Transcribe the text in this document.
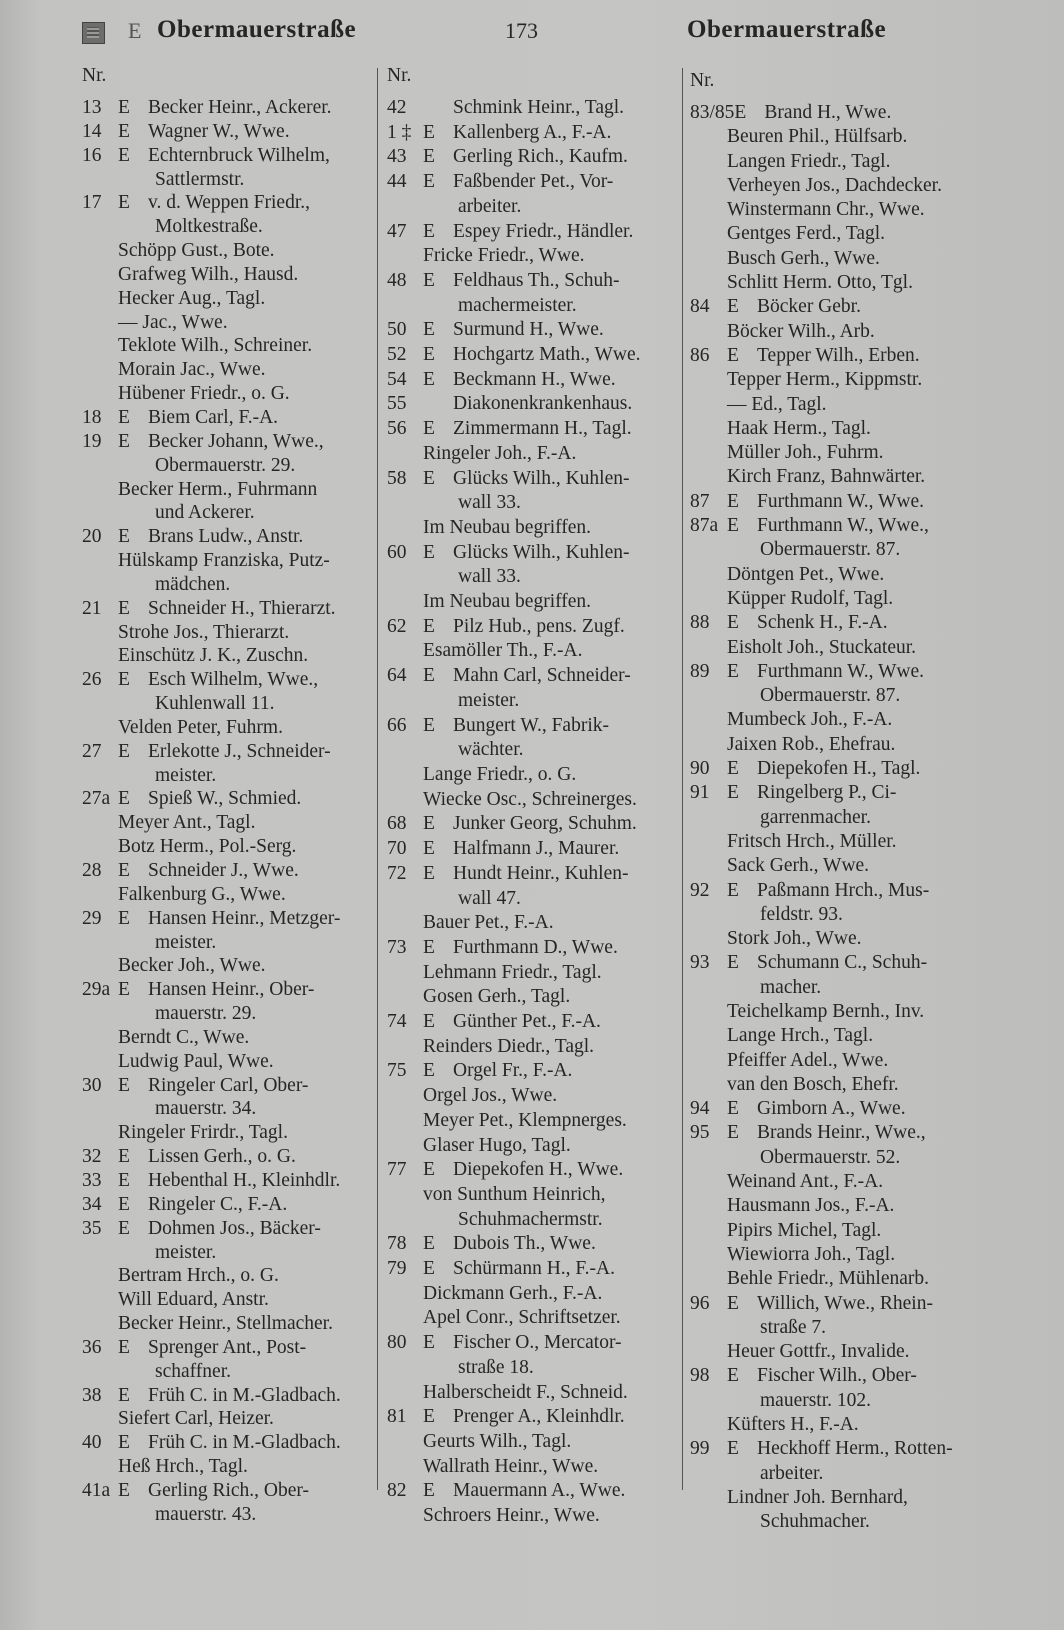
E Obermauerstraße	173	Obermauerstraße
Nr.
13 E Becker Heinr., Ackerer.
14 E Wagner W., Wwe.
16 E Echternbruck Wilhelm,
Sattlermstr.
17 E v. d. Weppen Friedr.,
Moltkestraße.
Schöpp Gust., Bote.
Grafweg Wilh., Hausd.
Hecker Aug., Tagl.
— Jac., Wwe.
Teklote Wilh., Schreiner.
Morain Jac., Wwe.
Hübener Friedr., o. G.
18 E Biem Carl, F.-A.
19 E Becker Johann, Wwe.,
Obermauerstr. 29.
Becker Herm., Fuhrmann
und Ackerer.
20 E Brans Ludw., Anstr.
Hülskamp Franziska, Putz-
mädchen.
21 E Schneider H., Thierarzt.
Strohe Jos., Thierarzt.
Einschütz J. K., Zuschn.
26 E Esch Wilhelm, Wwe.,
Kuhlenwall 11.
Velden Peter, Fuhrm.
27 E Erlekotte J., Schneider-
meister.
27a E Spieß W., Schmied.
Meyer Ant., Tagl.
Botz Herm., Pol.-Serg.
28 E Schneider J., Wwe.
Falkenburg G., Wwe.
29 E Hansen Heinr., Metzger-
meister.
Becker Joh., Wwe.
29a E Hansen Heinr., Ober-
mauerstr. 29.
Berndt C., Wwe.
Ludwig Paul, Wwe.
30 E Ringeler Carl, Ober-
mauerstr. 34.
Ringeler Frirdr., Tagl.
32 E Lissen Gerh., o. G.
33 E Hebenthal H., Kleinhdlr.
34 E Ringeler C., F.-A.
35 E Dohmen Jos., Bäcker-
meister.
Bertram Hrch., o. G.
Will Eduard, Anstr.
Becker Heinr., Stellmacher.
36 E Sprenger Ant., Post-
schaffner.
38 E Früh C. in M.-Gladbach.
Siefert Carl, Heizer.
40 E Früh C. in M.-Gladbach.
Heß Hrch., Tagl.
41a E Gerling Rich., Ober-
mauerstr. 43.
Nr.
42 Schmink Heinr., Tagl.
1 ‡ E Kallenberg A., F.-A.
43 E Gerling Rich., Kaufm.
44 E Faßbender Pet., Vor-
arbeiter.
47 E Espey Friedr., Händler.
Fricke Friedr., Wwe.
48 E Feldhaus Th., Schuh-
machermeister.
50 E Surmund H., Wwe.
52 E Hochgartz Math., Wwe.
54 E Beckmann H., Wwe.
55 Diakonenkrankenhaus.
56 E Zimmermann H., Tagl.
Ringeler Joh., F.-A.
58 E Glücks Wilh., Kuhlen-
wall 33.
Im Neubau begriffen.
60 E Glücks Wilh., Kuhlen-
wall 33.
Im Neubau begriffen.
62 E Pilz Hub., pens. Zugf.
Esamöller Th., F.-A.
64 E Mahn Carl, Schneider-
meister.
66 E Bungert W., Fabrik-
wächter.
Lange Friedr., o. G.
Wiecke Osc., Schreinerges.
68 E Junker Georg, Schuhm.
70 E Halfmann J., Maurer.
72 E Hundt Heinr., Kuhlen-
wall 47.
Bauer Pet., F.-A.
73 E Furthmann D., Wwe.
Lehmann Friedr., Tagl.
Gosen Gerh., Tagl.
74 E Günther Pet., F.-A.
Reinders Diedr., Tagl.
75 E Orgel Fr., F.-A.
Orgel Jos., Wwe.
Meyer Pet., Klempnerges.
Glaser Hugo, Tagl.
77 E Diepekofen H., Wwe.
von Sunthum Heinrich,
Schuhmachermstr.
78 E Dubois Th., Wwe.
79 E Schürmann H., F.-A.
Dickmann Gerh., F.-A.
Apel Conr., Schriftsetzer.
80 E Fischer O., Mercator-
straße 18.
Halberscheidt F., Schneid.
81 E Prenger A., Kleinhdlr.
Geurts Wilh., Tagl.
Wallrath Heinr., Wwe.
82 E Mauermann A., Wwe.
Schroers Heinr., Wwe.
Nr.
83/85E Brand H., Wwe.
Beuren Phil., Hülfsarb.
Langen Friedr., Tagl.
Verheyen Jos., Dachdecker.
Winstermann Chr., Wwe.
Gentges Ferd., Tagl.
Busch Gerh., Wwe.
Schlitt Herm. Otto, Tgl.
84 E Böcker Gebr.
Böcker Wilh., Arb.
86 E Tepper Wilh., Erben.
Tepper Herm., Kippmstr.
— Ed., Tagl.
Haak Herm., Tagl.
Müller Joh., Fuhrm.
Kirch Franz, Bahnwärter.
87 E Furthmann W., Wwe.
87a E Furthmann W., Wwe.,
Obermauerstr. 87.
Döntgen Pet., Wwe.
Küpper Rudolf, Tagl.
88 E Schenk H., F.-A.
Eisholt Joh., Stuckateur.
89 E Furthmann W., Wwe.
Obermauerstr. 87.
Mumbeck Joh., F.-A.
Jaixen Rob., Ehefrau.
90 E Diepekofen H., Tagl.
91 E Ringelberg P., Ci-
garrenmacher.
Fritsch Hrch., Müller.
Sack Gerh., Wwe.
92 E Paßmann Hrch., Mus-
feldstr. 93.
Stork Joh., Wwe.
93 E Schumann C., Schuh-
macher.
Teichelkamp Bernh., Inv.
Lange Hrch., Tagl.
Pfeiffer Adel., Wwe.
van den Bosch, Ehefr.
94 E Gimborn A., Wwe.
95 E Brands Heinr., Wwe.,
Obermauerstr. 52.
Weinand Ant., F.-A.
Hausmann Jos., F.-A.
Pipirs Michel, Tagl.
Wiewiorra Joh., Tagl.
Behle Friedr., Mühlenarb.
96 E Willich, Wwe., Rhein-
straße 7.
Heuer Gottfr., Invalide.
98 E Fischer Wilh., Ober-
mauerstr. 102.
Küfters H., F.-A.
99 E Heckhoff Herm., Rotten-
arbeiter.
Lindner Joh. Bernhard,
Schuhmacher.
